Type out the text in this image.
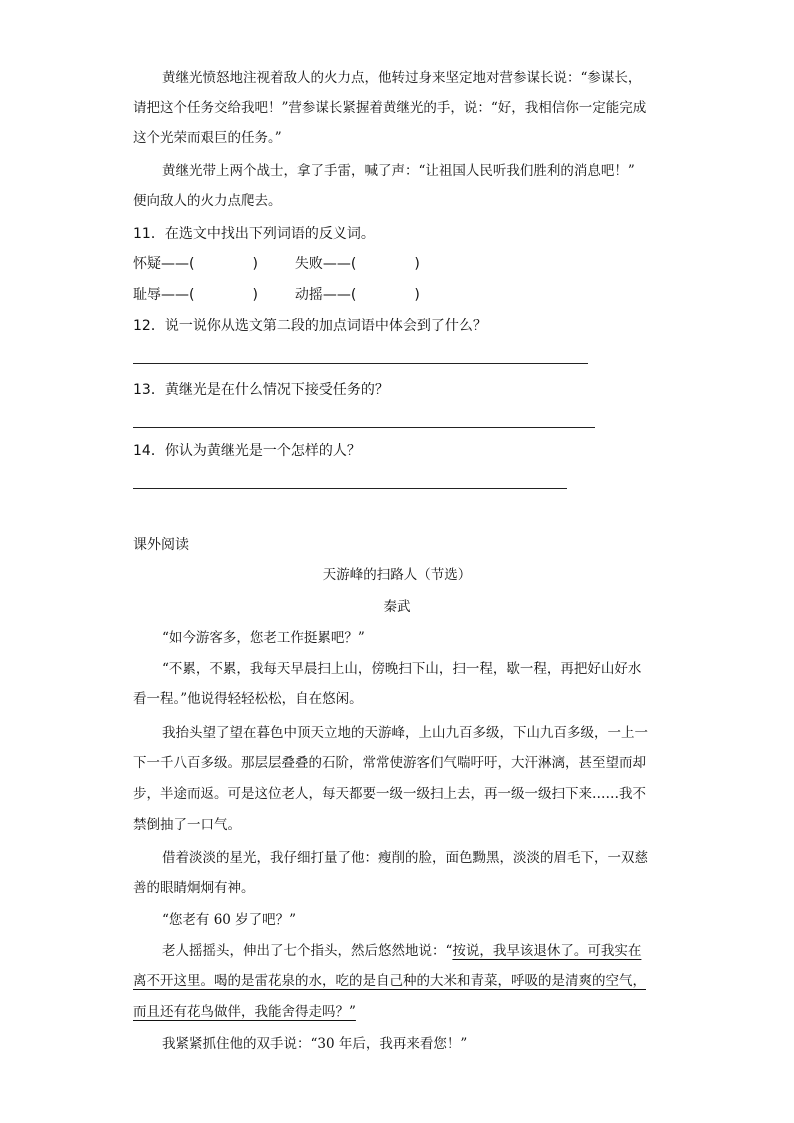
黄继光愤怒地注视着敌人的火力点，他转过身来坚定地对营参谋长说：“参谋长，
请把这个任务交给我吧！”营参谋长紧握着黄继光的手，说：“好，我相信你一定能完成
这个光荣而艰巨的任务。”
黄继光带上两个战士，拿了手雷，喊了声：“让祖国人民听我们胜利的消息吧！”
便向敌人的火力点爬去。
11．在选文中找出下列词语的反义词。
怀疑——(	)	失败——(	)
耻辱——(	)	动摇——(	)
12．说一说你从选文第二段的加点词语中体会到了什么？
13．黄继光是在什么情况下接受任务的？
14．你认为黄继光是一个怎样的人？
课外阅读
天游峰的扫路人（节选）
秦武
“如今游客多，您老工作挺累吧？”
“不累，不累，我每天早晨扫上山，傍晚扫下山，扫一程，歇一程，再把好山好水
看一程。”他说得轻轻松松，自在悠闲。
我抬头望了望在暮色中顶天立地的天游峰，上山九百多级，下山九百多级，一上一
下一千八百多级。那层层叠叠的石阶，常常使游客们气喘吁吁，大汗淋漓，甚至望而却
步，半途而返。可是这位老人，每天都要一级一级扫上去，再一级一级扫下来……我不
禁倒抽了一口气。
借着淡淡的星光，我仔细打量了他：瘦削的脸，面色黝黑，淡淡的眉毛下，一双慈
善的眼睛炯炯有神。
“您老有 60 岁了吧？”
老人摇摇头，伸出了七个指头，然后悠然地说：“按说，我早该退休了。可我实在
离不开这里。喝的是雷花泉的水，吃的是自己种的大米和青菜，呼吸的是清爽的空气，
而且还有花鸟做伴，我能舍得走吗？”
我紧紧抓住他的双手说：“30 年后，我再来看您！”
